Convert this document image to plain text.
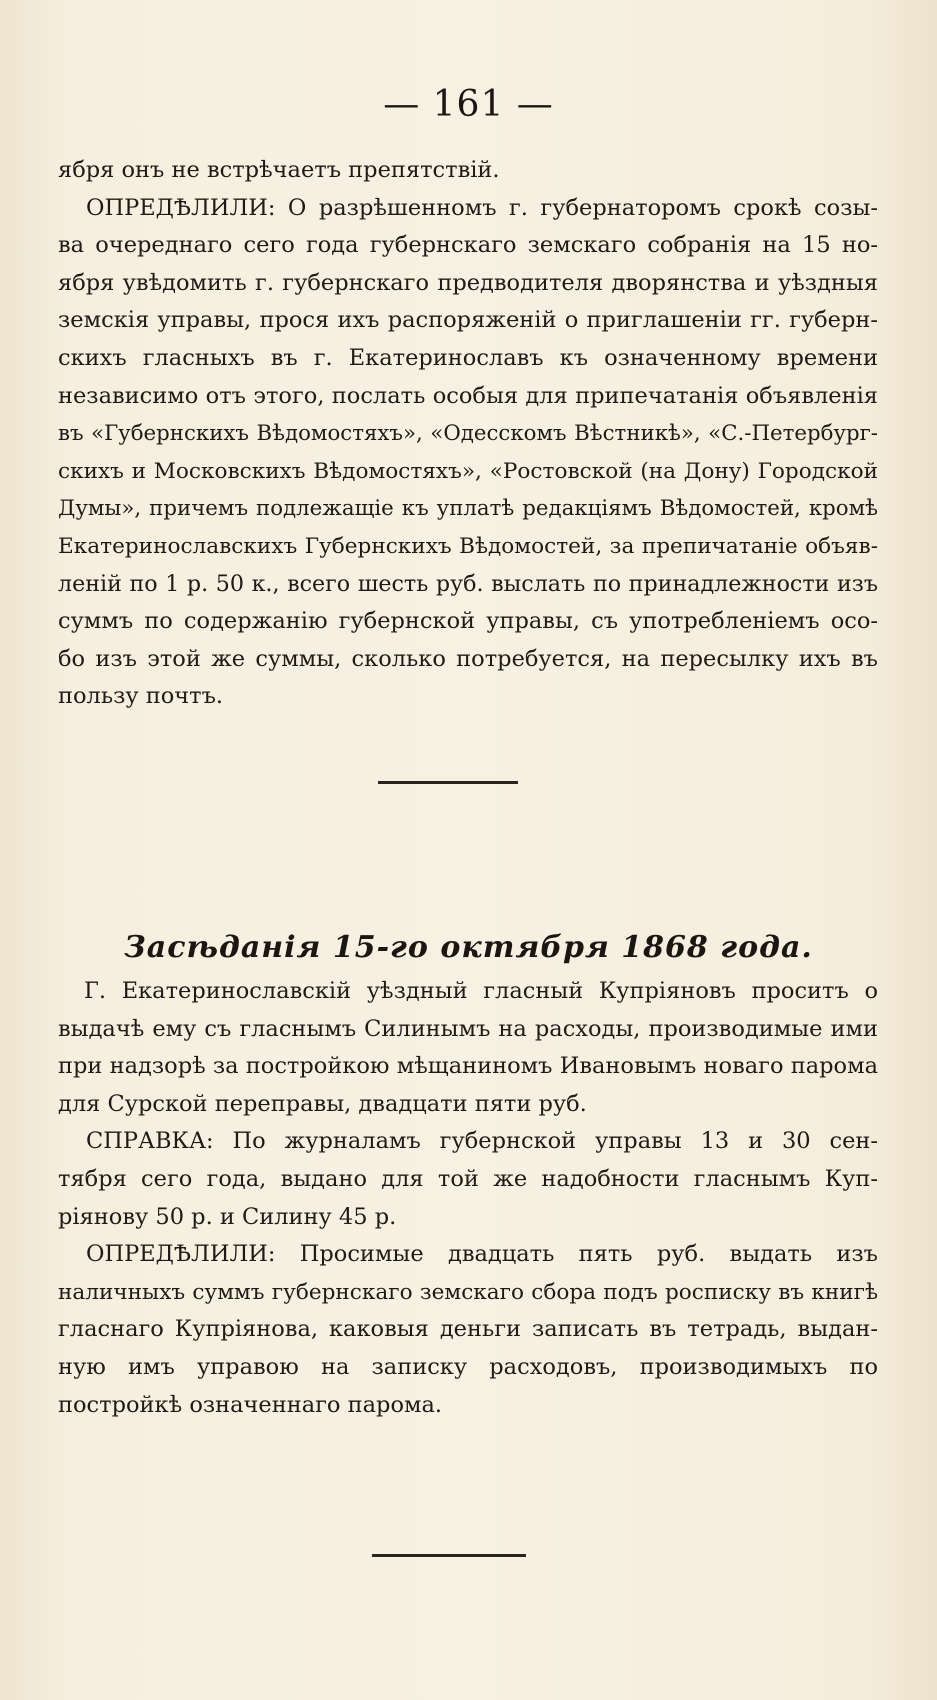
— 161 —
ября онъ не встрѣчаетъ препятствій.
ОПРЕДѢЛИЛИ: О разрѣшенномъ г. губернаторомъ срокѣ созы-
ва очереднаго сего года губернскаго земскаго собранія на 15 но-
ября увѣдомить г. губернскаго предводителя дворянства и уѣздныя
земскія управы, прося ихъ распоряженій о приглашеніи гг. губерн-
скихъ гласныхъ въ г. Екатеринославъ къ означенному времени
независимо отъ этого, послать особыя для припечатанія объявленія
въ «Губернскихъ Вѣдомостяхъ», «Одесскомъ Вѣстникѣ», «С.-Петербург-
скихъ и Московскихъ Вѣдомостяхъ», «Ростовской (на Дону) Городской
Думы», причемъ подлежащіе къ уплатѣ редакціямъ Вѣдомостей, кромѣ
Екатеринославскихъ Губернскихъ Вѣдомостей, за препичатаніе объяв-
леній по 1 р. 50 к., всего шесть руб. выслать по принадлежности изъ
суммъ по содержанію губернской управы, съ употребленіемъ осо-
бо изъ этой же суммы, сколько потребуется, на пересылку ихъ въ
пользу почтъ.
Засѣданія 15-го октября 1868 года.
Г. Екатеринославскій уѣздный гласный Купріяновъ проситъ о
выдачѣ ему съ гласнымъ Силинымъ на расходы, производимые ими
при надзорѣ за постройкою мѣщаниномъ Ивановымъ новаго парома
для Сурской переправы, двадцати пяти руб.
СПРАВКА: По журналамъ губернской управы 13 и 30 сен-
тября сего года, выдано для той же надобности гласнымъ Куп-
ріянову 50 р. и Силину 45 р.
ОПРЕДѢЛИЛИ: Просимые двадцать пять руб. выдать изъ
наличныхъ суммъ губернскаго земскаго сбора подъ росписку въ книгѣ
гласнаго Купріянова, каковыя деньги записать въ тетрадь, выдан-
ную имъ управою на записку расходовъ, производимыхъ по
постройкѣ означеннаго парома.
